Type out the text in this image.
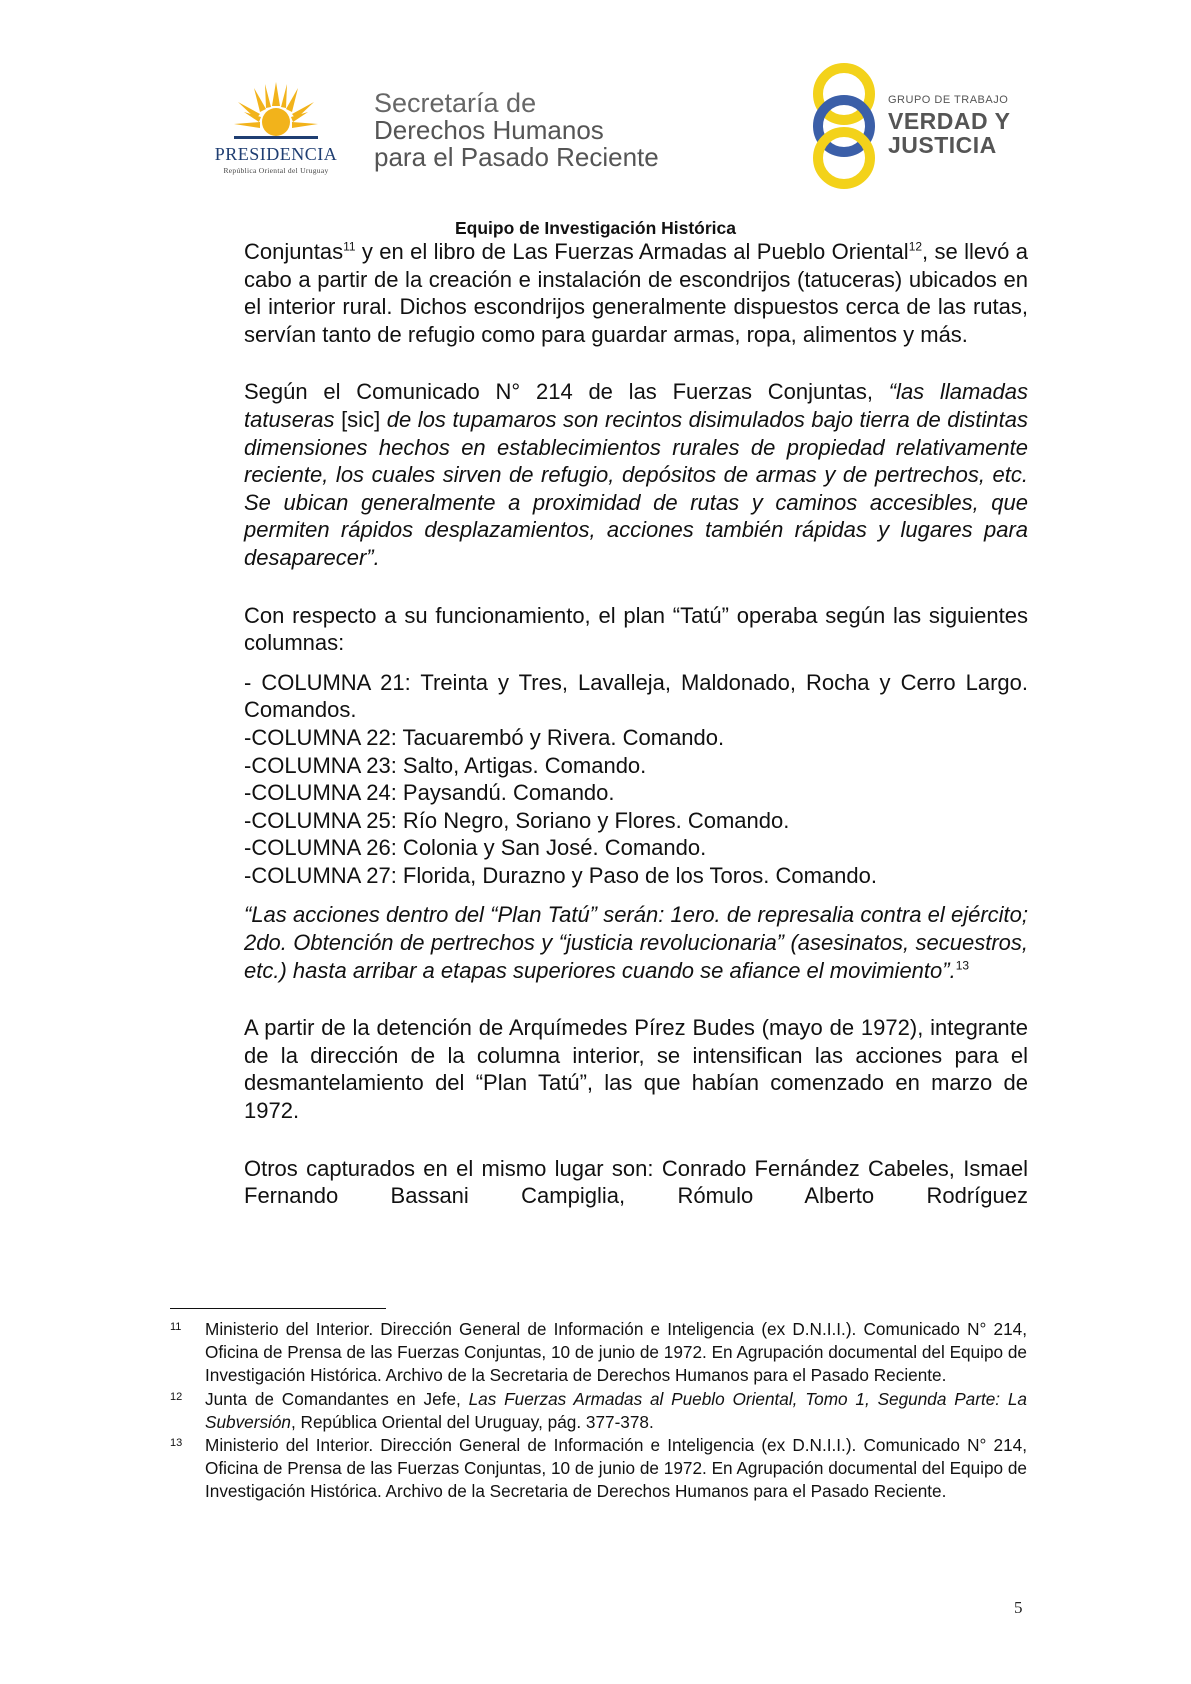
PRESIDENCIA
República Oriental del Uruguay
Secretaría de
Derechos Humanos
para el Pasado Reciente
GRUPO DE TRABAJO
VERDAD Y
JUSTICIA
Equipo de Investigación Histórica

Conjuntas$^{11}$ y en el libro de Las Fuerzas Armadas al Pueblo Oriental$^{12}$, se llevó a cabo a partir de la creación e instalación de escondrijos (tatuceras) ubicados en el interior rural. Dichos escondrijos generalmente dispuestos cerca de las rutas, servían tanto de refugio como para guardar armas, ropa, alimentos y más.

Según el Comunicado N° 214 de las Fuerzas Conjuntas, “las llamadas tatuseras [sic] de los tupamaros son recintos disimulados bajo tierra de distintas dimensiones hechos en establecimientos rurales de propiedad relativamente reciente, los cuales sirven de refugio, depósitos de armas y de pertrechos, etc. Se ubican generalmente a proximidad de rutas y caminos accesibles, que permiten rápidos desplazamientos, acciones también rápidas y lugares para desaparecer”.

Con respecto a su funcionamiento, el plan “Tatú” operaba según las siguientes columnas:

- COLUMNA 21: Treinta y Tres, Lavalleja, Maldonado, Rocha y Cerro Largo. Comandos.
-COLUMNA 22: Tacuarembó y Rivera. Comando.
-COLUMNA 23: Salto, Artigas. Comando.
-COLUMNA 24: Paysandú. Comando.
-COLUMNA 25: Río Negro, Soriano y Flores. Comando.
-COLUMNA 26: Colonia y San José. Comando.
-COLUMNA 27: Florida, Durazno y Paso de los Toros. Comando.

“Las acciones dentro del “Plan Tatú” serán: 1ero. de represalia contra el ejército; 2do. Obtención de pertrechos y “justicia revolucionaria” (asesinatos, secuestros, etc.) hasta arribar a etapas superiores cuando se afiance el movimiento”.$^{13}$

A partir de la detención de Arquímedes Pírez Budes (mayo de 1972), integrante de la dirección de la columna interior, se intensifican las acciones para el desmantelamiento del “Plan Tatú”, las que habían comenzado en marzo de 1972.

Otros capturados en el mismo lugar son: Conrado Fernández Cabeles, Ismael Fernando Bassani Campiglia, Rómulo Alberto Rodríguez

11 Ministerio del Interior. Dirección General de Información e Inteligencia (ex D.N.I.I.). Comunicado N° 214, Oficina de Prensa de las Fuerzas Conjuntas, 10 de junio de 1972. En Agrupación documental del Equipo de Investigación Histórica. Archivo de la Secretaria de Derechos Humanos para el Pasado Reciente.

12 Junta de Comandantes en Jefe, Las Fuerzas Armadas al Pueblo Oriental, Tomo 1, Segunda Parte: La Subversión, República Oriental del Uruguay, pág. 377-378.

13 Ministerio del Interior. Dirección General de Información e Inteligencia (ex D.N.I.I.). Comunicado N° 214, Oficina de Prensa de las Fuerzas Conjuntas, 10 de junio de 1972. En Agrupación documental del Equipo de Investigación Histórica. Archivo de la Secretaria de Derechos Humanos para el Pasado Reciente.

5
